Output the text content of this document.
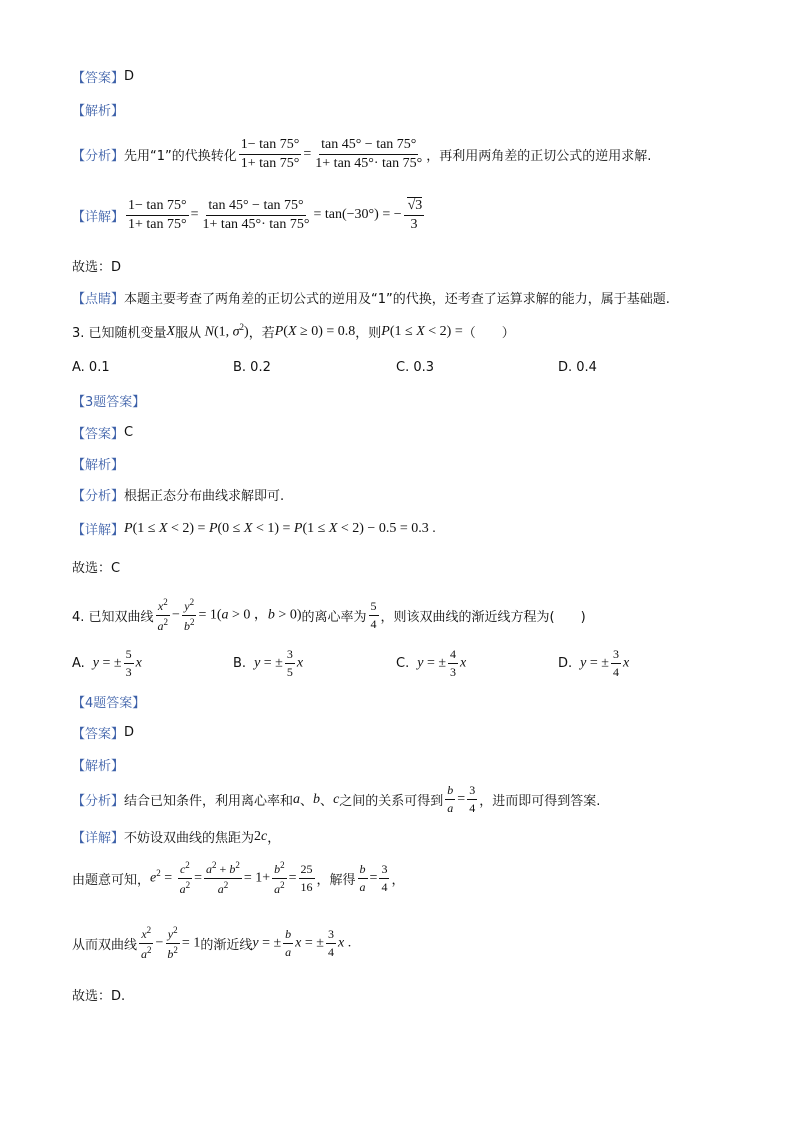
【答案】 D
【解析】
【分析】 先用“1”的代换转化 $\frac{1- \tan 75^\circ}{1+ \tan 75^\circ} = \frac{\tan 45^\circ - \tan 75^\circ}{1+ \tan 45^\circ\cdot \tan 75^\circ}$ ，再利用两角差的正切公式的逆用求解.
【详解】 $\frac{1- \tan 75^\circ}{1+ \tan 75^\circ} = \frac{\tan 45^\circ - \tan 75^\circ}{1+ \tan 45^\circ\cdot \tan 75^\circ} = \tan(-30^\circ)$ = − $\frac{√3}{3}$
故选：D
【点睛】 本题主要考查了两角差的正切公式的逆用及“1”的代换，还考查了运算求解的能力，属于基础题.
3. 已知随机变量 X 服从 N(1, $\sigma^2$) ，若 P(X ≥ 0) = 0.8 ，则 P(1 ≤ X < 2) = （　　）
A. 0.1	B. 0.2	C. 0.3	D. 0.4
【3题答案】
【答案】 C
【解析】
【分析】 根据正态分布曲线求解即可.
【详解】 P(1 ≤ X < 2) = P(0 ≤ X < 1) = P(1 ≤ X < 2) − 0.5 = 0.3 .
故选：C
4. 已知双曲线 $\frac{x^2}{a^2} - \frac{y^2}{b^2} = 1(a > 0$ ，b > 0) 的离心率为 $\frac{5}{4}$ ，则该双曲线的渐近线方程为(　　)
A. y = ± $\frac{5}{3}$ x	B. y = ± $\frac{3}{5}$ x	C. y = ± $\frac{4}{3}$ x	D. y = ± $\frac{3}{4}$ x
【4题答案】
【答案】 D
【解析】
【分析】 结合已知条件，利用离心率和 a 、 b 、 c 之间的关系可得到 $\frac{b}{a} = \frac{3}{4}$ ，进而即可得到答案.
【详解】 不妨设双曲线的焦距为 2c ，
由题意可知， $e^2 = \frac{c^2}{a^2} = \frac{a^2 + b^2}{a^2} = 1+ \frac{b^2}{a^2} = \frac{25}{16}$ ，解得 $\frac{b}{a} = \frac{3}{4}$ ，
从而双曲线 $\frac{x^2}{a^2} - \frac{y^2}{b^2} = 1$ 的渐近线 y = ± $\frac{b}{a}$ x = ± $\frac{3}{4}$ x .
故选：D.
